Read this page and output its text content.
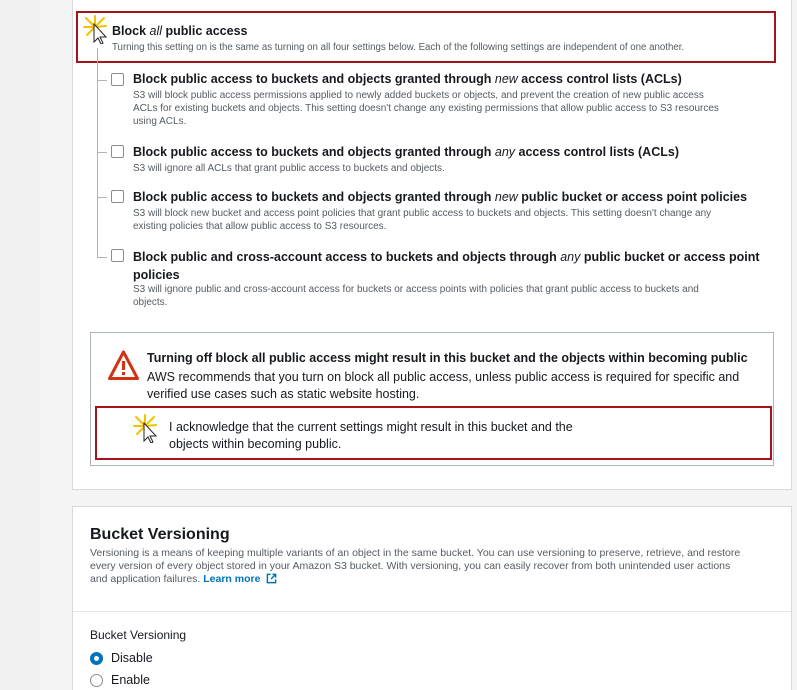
Block all public access
Turning this setting on is the same as turning on all four settings below. Each of the following settings are independent of one another.
Block public access to buckets and objects granted through new access control lists (ACLs)
S3 will block public access permissions applied to newly added buckets or objects, and prevent the creation of new public access
ACLs for existing buckets and objects. This setting doesn't change any existing permissions that allow public access to S3 resources
using ACLs.
Block public access to buckets and objects granted through any access control lists (ACLs)
S3 will ignore all ACLs that grant public access to buckets and objects.
Block public access to buckets and objects granted through new public bucket or access point policies
S3 will block new bucket and access point policies that grant public access to buckets and objects. This setting doesn't change any
existing policies that allow public access to S3 resources.
Block public and cross-account access to buckets and objects through any public bucket or access point
policies
S3 will ignore public and cross-account access for buckets or access points with policies that grant public access to buckets and
objects.
Turning off block all public access might result in this bucket and the objects within becoming public
AWS recommends that you turn on block all public access, unless public access is required for specific and
verified use cases such as static website hosting.
I acknowledge that the current settings might result in this bucket and the
objects within becoming public.
Bucket Versioning
Versioning is a means of keeping multiple variants of an object in the same bucket. You can use versioning to preserve, retrieve, and restore
every version of every object stored in your Amazon S3 bucket. With versioning, you can easily recover from both unintended user actions
and application failures. Learn more
Bucket Versioning
Disable
Enable
